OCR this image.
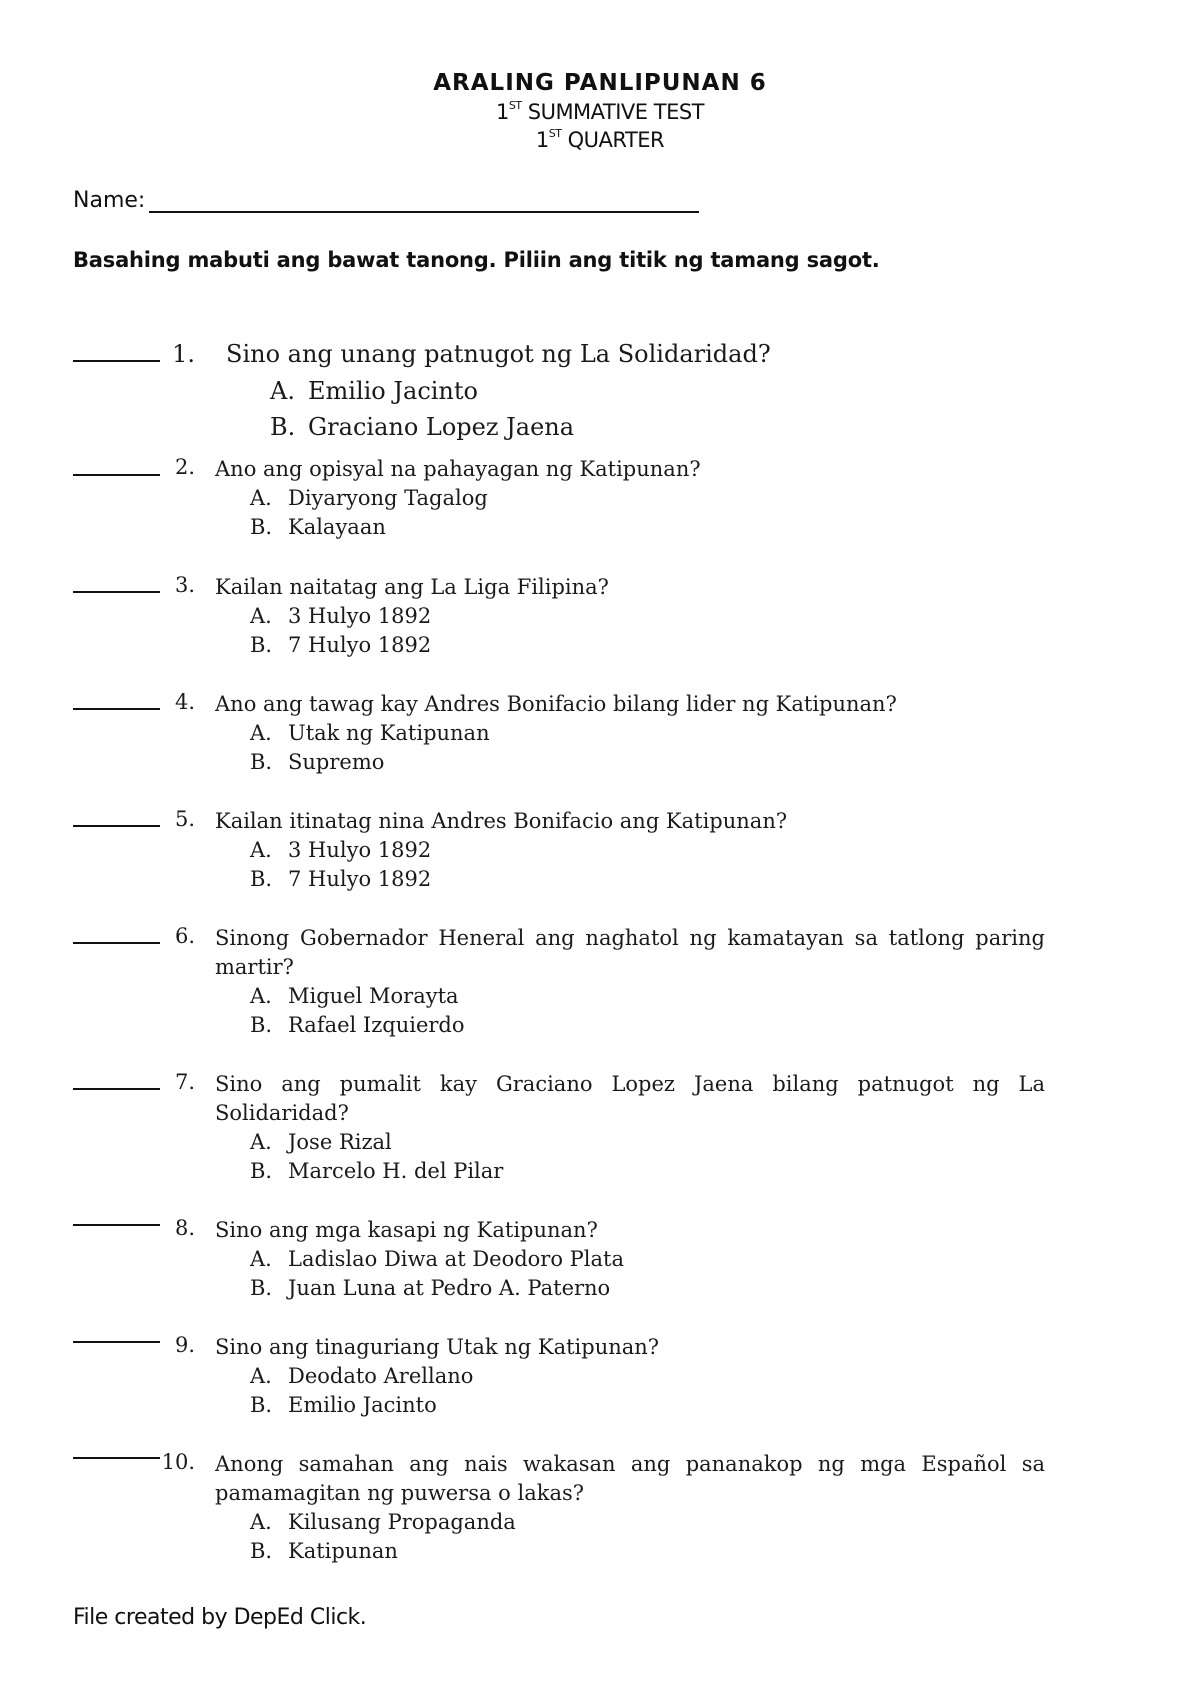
ARALING PANLIPUNAN 6
1ST SUMMATIVE TEST
1ST QUARTER
Name:
Basahing mabuti ang bawat tanong. Piliin ang titik ng tamang sagot.
1. Sino ang unang patnugot ng La Solidaridad?
A. Emilio Jacinto
B. Graciano Lopez Jaena
2. Ano ang opisyal na pahayagan ng Katipunan?
A. Diyaryong Tagalog
B. Kalayaan
3. Kailan naitatag ang La Liga Filipina?
A. 3 Hulyo 1892
B. 7 Hulyo 1892
4. Ano ang tawag kay Andres Bonifacio bilang lider ng Katipunan?
A. Utak ng Katipunan
B. Supremo
5. Kailan itinatag nina Andres Bonifacio ang Katipunan?
A. 3 Hulyo 1892
B. 7 Hulyo 1892
6. Sinong Gobernador Heneral ang naghatol ng kamatayan sa tatlong paring martir?
A. Miguel Morayta
B. Rafael Izquierdo
7. Sino ang pumalit kay Graciano Lopez Jaena bilang patnugot ng La Solidaridad?
A. Jose Rizal
B. Marcelo H. del Pilar
8. Sino ang mga kasapi ng Katipunan?
A. Ladislao Diwa at Deodoro Plata
B. Juan Luna at Pedro A. Paterno
9. Sino ang tinaguriang Utak ng Katipunan?
A. Deodato Arellano
B. Emilio Jacinto
10. Anong samahan ang nais wakasan ang pananakop ng mga Español sa pamamagitan ng puwersa o lakas?
A. Kilusang Propaganda
B. Katipunan
File created by DepEd Click.
